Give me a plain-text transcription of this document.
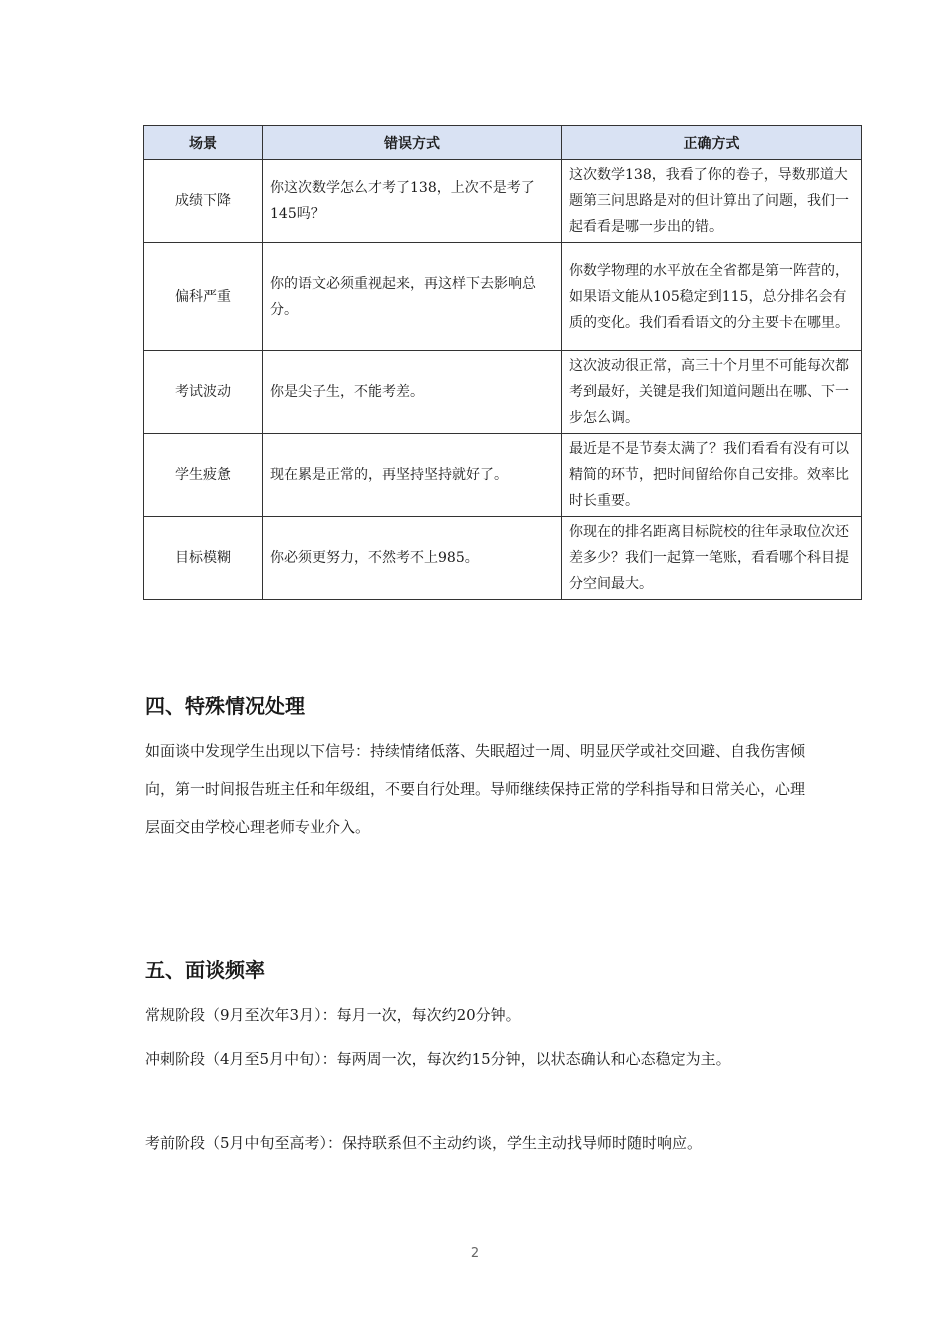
场景	错误方式	正确方式
成绩下降	你这次数学怎么才考了138，上次不是考了145吗？	这次数学138，我看了你的卷子，导数那道大题第三问思路是对的但计算出了问题，我们一起看看是哪一步出的错。
偏科严重	你的语文必须重视起来，再这样下去影响总分。	你数学物理的水平放在全省都是第一阵营的，如果语文能从105稳定到115，总分排名会有质的变化。我们看看语文的分主要卡在哪里。
考试波动	你是尖子生，不能考差。	这次波动很正常，高三十个月里不可能每次都考到最好，关键是我们知道问题出在哪、下一步怎么调。
学生疲惫	现在累是正常的，再坚持坚持就好了。	最近是不是节奏太满了？我们看看有没有可以精简的环节，把时间留给你自己安排。效率比时长重要。
目标模糊	你必须更努力，不然考不上985。	你现在的排名距离目标院校的往年录取位次还差多少？我们一起算一笔账，看看哪个科目提分空间最大。
四、特殊情况处理

如面谈中发现学生出现以下信号：持续情绪低落、失眠超过一周、明显厌学或社交回避、自我伤害倾向，第一时间报告班主任和年级组，不要自行处理。导师继续保持正常的学科指导和日常关心，心理层面交由学校心理老师专业介入。

五、面谈频率

常规阶段（9月至次年3月）：每月一次，每次约20分钟。

冲刺阶段（4月至5月中旬）：每两周一次，每次约15分钟，以状态确认和心态稳定为主。

考前阶段（5月中旬至高考）：保持联系但不主动约谈，学生主动找导师时随时响应。

2
